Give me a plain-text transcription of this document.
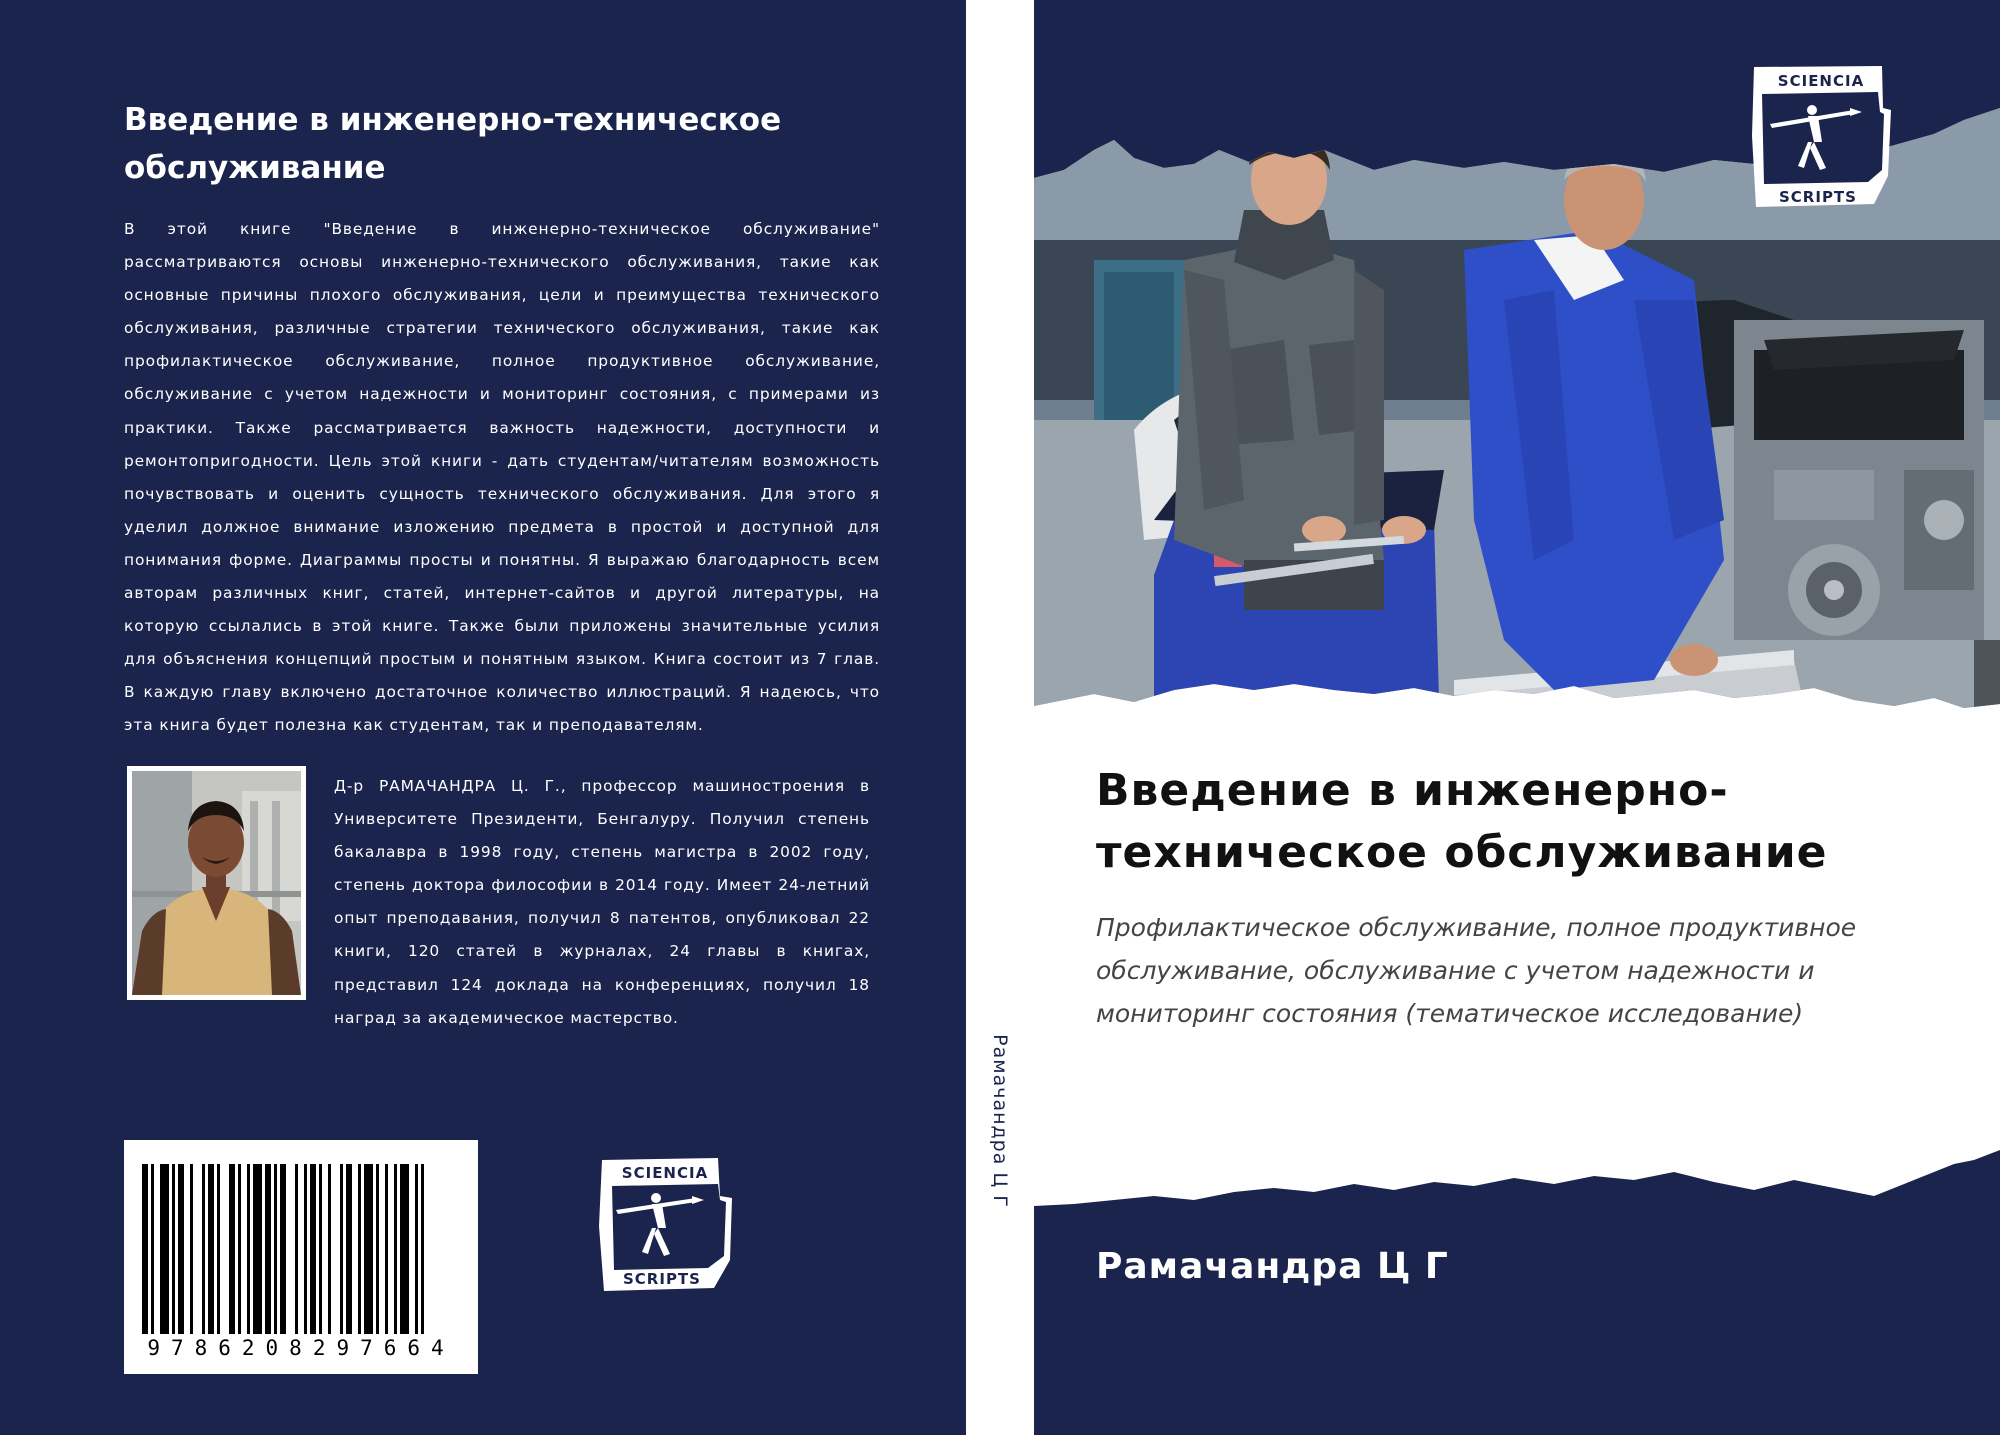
Введение в инженерно-техническое обслуживание
В этой книге "Введение в инженерно-техническое обслуживание" рассматриваются основы инженерно-технического обслуживания, такие как основные причины плохого обслуживания, цели и преимущества технического обслуживания, различные стратегии технического обслуживания, такие как профилактическое обслуживание, полное продуктивное обслуживание, обслуживание с учетом надежности и мониторинг состояния, с примерами из практики. Также рассматривается важность надежности, доступности и ремонтопригодности. Цель этой книги - дать студентам/читателям возможность почувствовать и оценить сущность технического обслуживания. Для этого я уделил должное внимание изложению предмета в простой и доступной для понимания форме. Диаграммы просты и понятны. Я выражаю благодарность всем авторам различных книг, статей, интернет-сайтов и другой литературы, на которую ссылались в этой книге. Также были приложены значительные усилия для объяснения концепций простым и понятным языком. Книга состоит из 7 глав. В каждую главу включено достаточное количество иллюстраций. Я надеюсь, что эта книга будет полезна как студентам, так и преподавателям.
Д-р РАМАЧАНДРА Ц. Г., профессор машиностроения в Университете Президенти, Бенгалуру. Получил степень бакалавра в 1998 году, степень магистра в 2002 году, степень доктора философии в 2014 году. Имеет 24-летний опыт преподавания, получил 8 патентов, опубликовал 22 книги, 120 статей в журналах, 24 главы в книгах, представил 124 доклада на конференциях, получил 18 наград за академическое мастерство.
9786208297664
SCIENCIA
SCRIPTS
Рамачандра Ц Г
SCIENCIA
SCRIPTS
Введение в инженерно-техническое обслуживание
Профилактическое обслуживание, полное продуктивное обслуживание, обслуживание с учетом надежности и мониторинг состояния (тематическое исследование)
Рамачандра Ц Г
